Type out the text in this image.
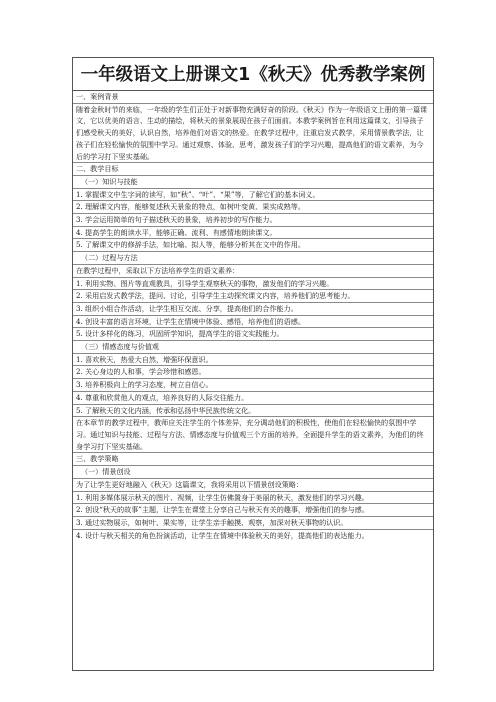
一年级语文上册课文1《秋天》优秀教学案例
一、案例背景
随着金秋时节的来临，一年级的学生们正处于对新事物充满好奇的阶段。《秋天》作为一年级语文上册的第一篇课文，它以优美的语言、生动的描绘，将秋天的景象展现在孩子们面前。本教学案例旨在利用这篇课文，引导孩子们感受秋天的美好，认识自然，培养他们对语文的热爱。在教学过程中，注重启发式教学，采用情景教学法，让孩子们在轻松愉快的氛围中学习。通过观察、体验、思考，激发孩子们的学习兴趣，提高他们的语文素养，为今后的学习打下坚实基础。
二、教学目标
（一）知识与技能
1. 掌握课文中生字词的读写，如“秋”、“叶”、“果”等，了解它们的基本词义。
2. 理解课文内容，能够复述秋天景象的特点，如树叶变黄、果实成熟等。
3. 学会运用简单的句子描述秋天的景象，培养初步的写作能力。
4. 提高学生的朗读水平，能够正确、流利、有感情地朗读课文。
5. 了解课文中的修辞手法，如比喻、拟人等，能够分析其在文中的作用。
（二）过程与方法
在教学过程中，采取以下方法培养学生的语文素养：
1. 利用实物、图片等直观教具，引导学生观察秋天的事物，激发他们的学习兴趣。
2. 采用启发式教学法，提问、讨论，引导学生主动探究课文内容，培养他们的思考能力。
3. 组织小组合作活动，让学生相互交流、分享，提高他们的合作能力。
4. 创设丰富的语言环境，让学生在情境中体验、感悟，培养他们的语感。
5. 设计多样化的练习，巩固所学知识，提高学生的语文实践能力。
（三）情感态度与价值观
1. 喜欢秋天，热爱大自然，增强环保意识。
2. 关心身边的人和事，学会珍惜和感恩。
3. 培养积极向上的学习态度，树立自信心。
4. 尊重和欣赏他人的观点，培养良好的人际交往能力。
5. 了解秋天的文化内涵，传承和弘扬中华民族传统文化。
在本章节的教学过程中，教师应关注学生的个体差异，充分调动他们的积极性，使他们在轻松愉快的氛围中学习。通过知识与技能、过程与方法、情感态度与价值观三个方面的培养，全面提升学生的语文素养，为他们的终身学习打下坚实基础。
三、教学策略
（一）情景创设
为了让学生更好地融入《秋天》这篇课文，我将采用以下情景创设策略：
1. 利用多媒体展示秋天的图片、视频，让学生仿佛置身于美丽的秋天，激发他们的学习兴趣。
2. 创设“秋天的故事”主题，让学生在课堂上分享自己与秋天有关的趣事，增强他们的参与感。
3. 通过实物展示，如树叶、果实等，让学生亲手触摸、观察，加深对秋天事物的认识。
4. 设计与秋天相关的角色扮演活动，让学生在情境中体验秋天的美好，提高他们的表达能力。
